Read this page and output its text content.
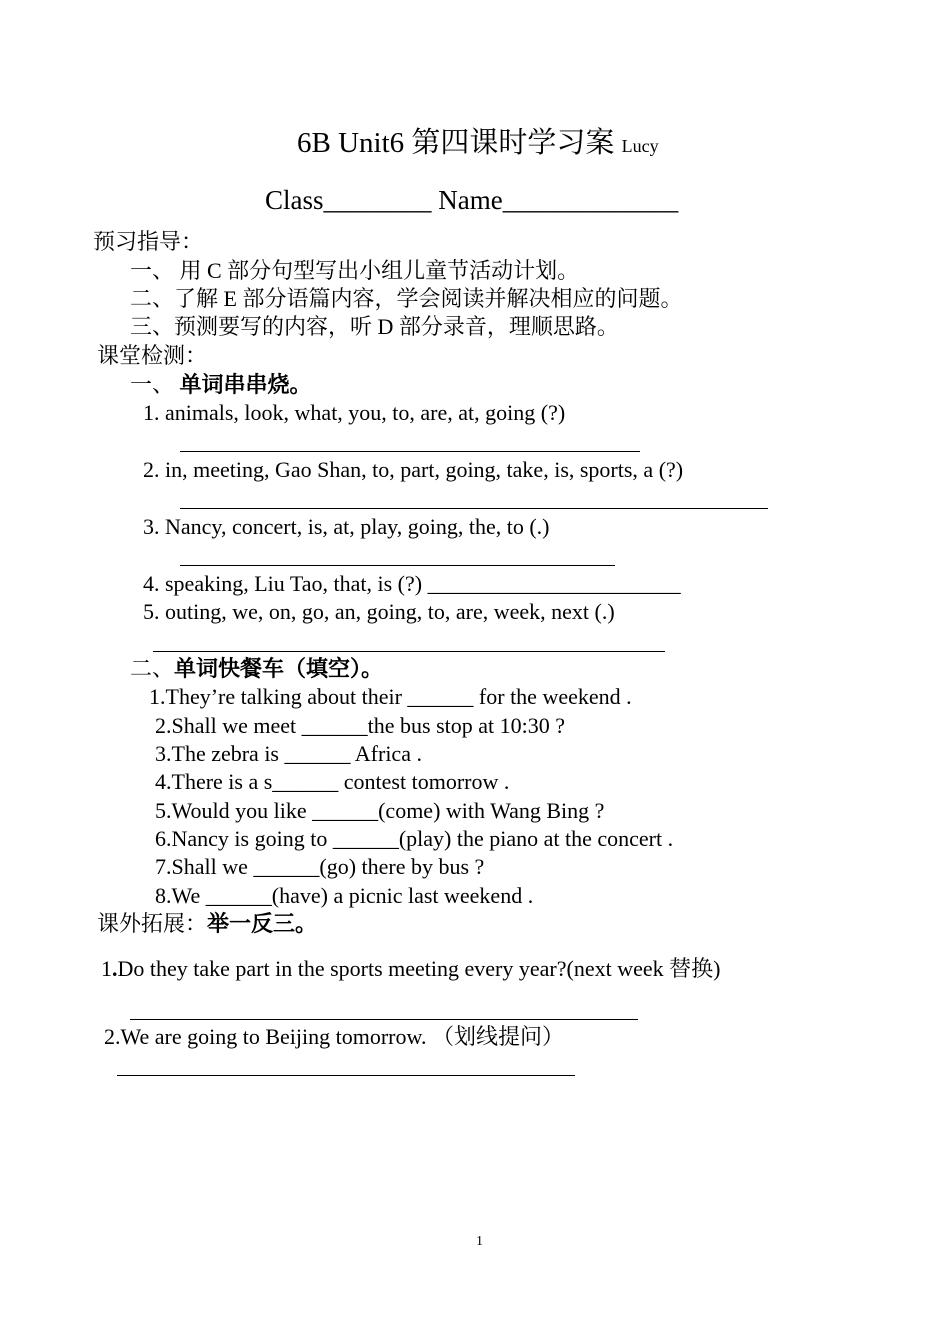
6B Unit6 第四课时学习案 Lucy
Class________ Name_____________
预习指导：
一、 用 C 部分句型写出小组儿童节活动计划。
二、了解 E 部分语篇内容，学会阅读并解决相应的问题。
三、预测要写的内容，听 D 部分录音，理顺思路。
课堂检测：
一、 单词串串烧。
1. animals, look, what, you, to, are, at, going (?)
2. in, meeting, Gao Shan, to, part, going, take, is, sports, a (?)
3. Nancy, concert, is, at, play, going, the, to (.)
4. speaking, Liu Tao, that, is (?) _______________________
5. outing, we, on, go, an, going, to, are, week, next (.)
二、单词快餐车（填空）。
1.They’re talking about their ______ for the weekend .
2.Shall we meet ______the bus stop at 10:30 ?
3.The zebra is ______ Africa .
4.There is a s______ contest tomorrow .
5.Would you like ______(come) with Wang Bing ?
6.Nancy is going to ______(play) the piano at the concert .
7.Shall we ______(go) there by bus ?
8.We ______(have) a picnic last weekend .
课外拓展：举一反三。
1.Do they take part in the sports meeting every year?(next week 替换)
2.We are going to Beijing tomorrow. （划线提问）
1
